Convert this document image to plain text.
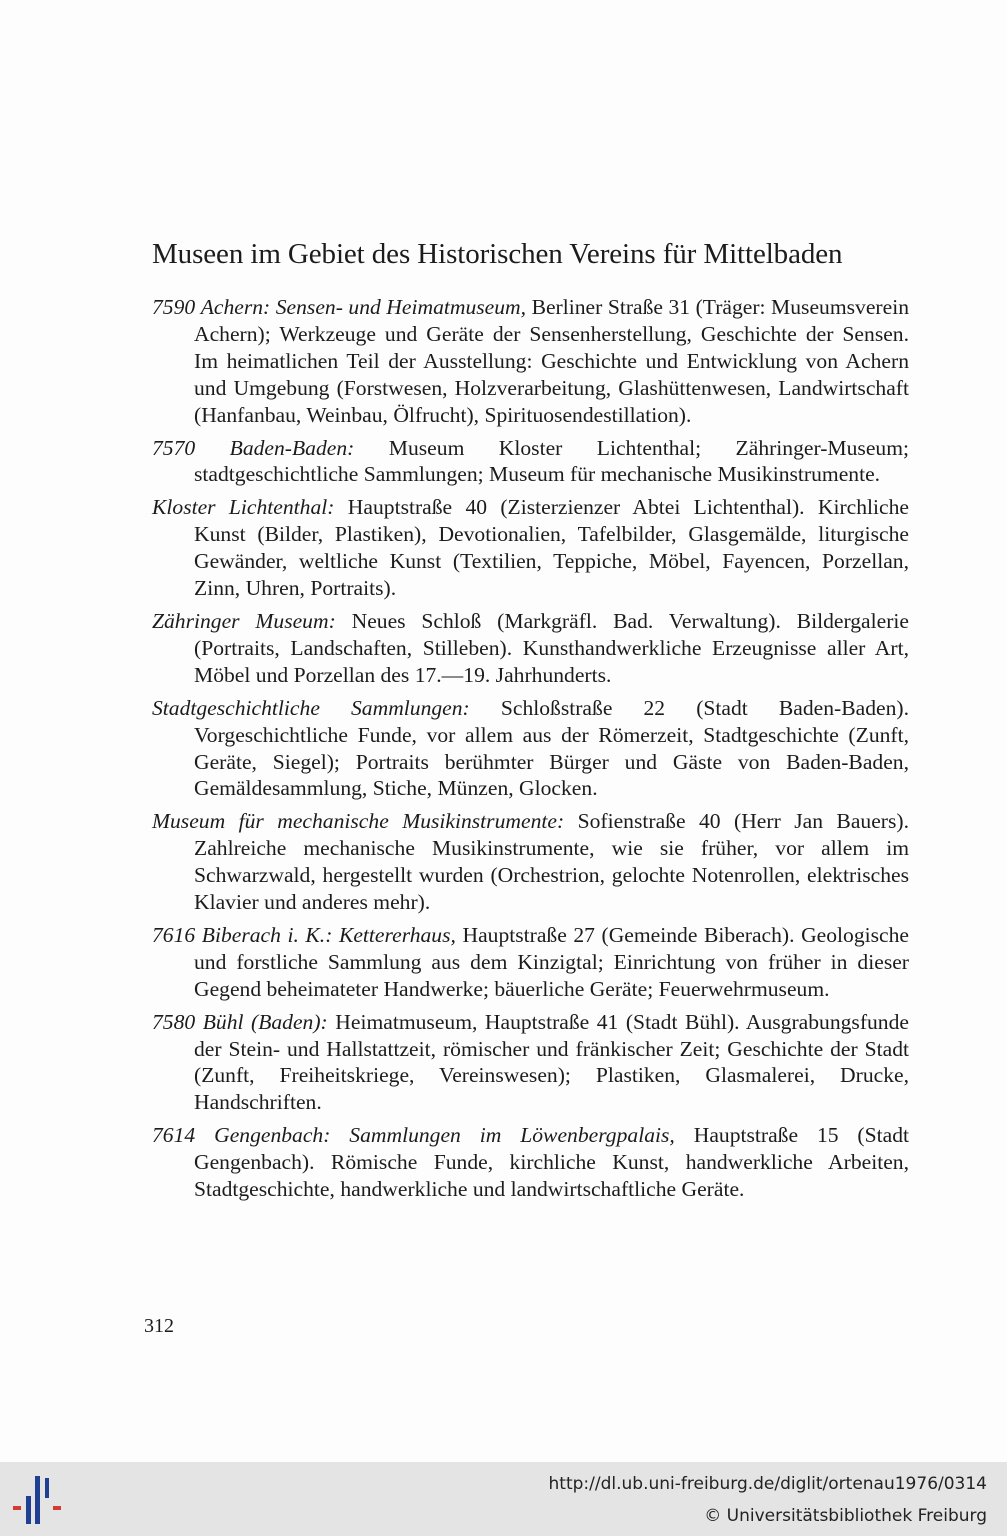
Museen im Gebiet des Historischen Vereins für Mittelbaden

7590 Achern: Sensen- und Heimatmuseum, Berliner Straße 31 (Träger: Museumsverein Achern); Werkzeuge und Geräte der Sensenherstellung, Geschichte der Sensen. Im heimatlichen Teil der Ausstellung: Geschichte und Entwicklung von Achern und Umgebung (Forstwesen, Holzverarbeitung, Glashüttenwesen, Landwirtschaft (Hanfanbau, Weinbau, Ölfrucht), Spirituosendestillation).

7570 Baden-Baden: Museum Kloster Lichtenthal; Zähringer-Museum; stadtgeschichtliche Sammlungen; Museum für mechanische Musikinstrumente.

Kloster Lichtenthal: Hauptstraße 40 (Zisterzienzer Abtei Lichtenthal). Kirchliche Kunst (Bilder, Plastiken), Devotionalien, Tafelbilder, Glasgemälde, liturgische Gewänder, weltliche Kunst (Textilien, Teppiche, Möbel, Fayencen, Porzellan, Zinn, Uhren, Portraits).

Zähringer Museum: Neues Schloß (Markgräfl. Bad. Verwaltung). Bildergalerie (Portraits, Landschaften, Stilleben). Kunsthandwerkliche Erzeugnisse aller Art, Möbel und Porzellan des 17.—19. Jahrhunderts.

Stadtgeschichtliche Sammlungen: Schloßstraße 22 (Stadt Baden-Baden). Vorgeschichtliche Funde, vor allem aus der Römerzeit, Stadtgeschichte (Zunft, Geräte, Siegel); Portraits berühmter Bürger und Gäste von Baden-Baden, Gemäldesammlung, Stiche, Münzen, Glocken.

Museum für mechanische Musikinstrumente: Sofienstraße 40 (Herr Jan Bauers). Zahlreiche mechanische Musikinstrumente, wie sie früher, vor allem im Schwarzwald, hergestellt wurden (Orchestrion, gelochte Notenrollen, elektrisches Klavier und anderes mehr).

7616 Biberach i. K.: Kettererhaus, Hauptstraße 27 (Gemeinde Biberach). Geologische und forstliche Sammlung aus dem Kinzigtal; Einrichtung von früher in dieser Gegend beheimateter Handwerke; bäuerliche Geräte; Feuerwehrmuseum.

7580 Bühl (Baden): Heimatmuseum, Hauptstraße 41 (Stadt Bühl). Ausgrabungsfunde der Stein- und Hallstattzeit, römischer und fränkischer Zeit; Geschichte der Stadt (Zunft, Freiheitskriege, Vereinswesen); Plastiken, Glasmalerei, Drucke, Handschriften.

7614 Gengenbach: Sammlungen im Löwenbergpalais, Hauptstraße 15 (Stadt Gengenbach). Römische Funde, kirchliche Kunst, handwerkliche Arbeiten, Stadtgeschichte, handwerkliche und landwirtschaftliche Geräte.

312
http://dl.ub.uni-freiburg.de/diglit/ortenau1976/0314
© Universitätsbibliothek Freiburg
